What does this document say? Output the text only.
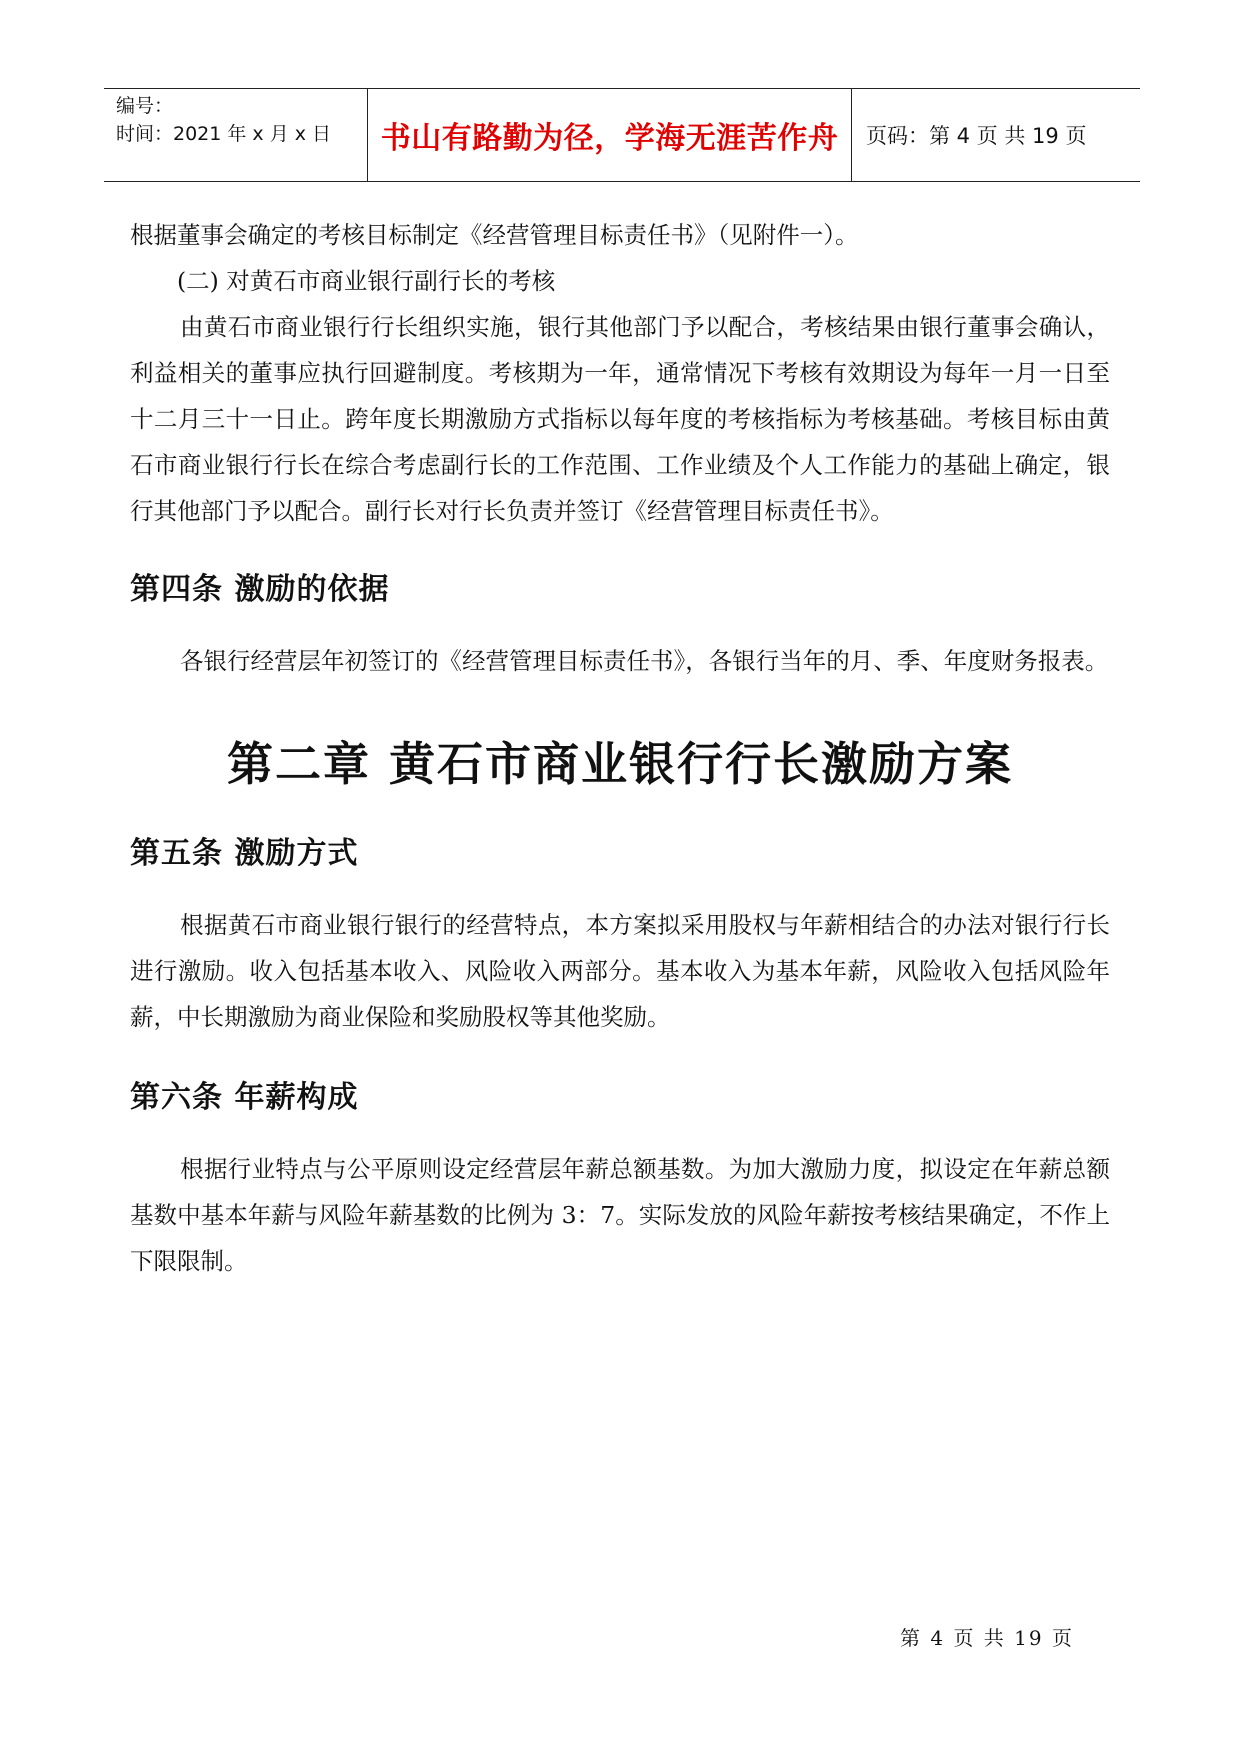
编号：
时间：2021 年 x 月 x 日	书山有路勤为径，学海无涯苦作舟	页码：第 4 页 共 19 页

根据董事会确定的考核目标制定《经营管理目标责任书》（见附件一）。

(二) 对黄石市商业银行副行长的考核

由黄石市商业银行行长组织实施，银行其他部门予以配合，考核结果由银行董事会确认，利益相关的董事应执行回避制度。考核期为一年，通常情况下考核有效期设为每年一月一日至十二月三十一日止。跨年度长期激励方式指标以每年度的考核指标为考核基础。考核目标由黄石市商业银行行长在综合考虑副行长的工作范围、工作业绩及个人工作能力的基础上确定，银行其他部门予以配合。副行长对行长负责并签订《经营管理目标责任书》。

第四条 激励的依据

各银行经营层年初签订的《经营管理目标责任书》，各银行当年的月、季、年度财务报表。

第二章 黄石市商业银行行长激励方案
第五条 激励方式

根据黄石市商业银行银行的经营特点，本方案拟采用股权与年薪相结合的办法对银行行长进行激励。收入包括基本收入、风险收入两部分。基本收入为基本年薪，风险收入包括风险年薪，中长期激励为商业保险和奖励股权等其他奖励。

第六条 年薪构成

根据行业特点与公平原则设定经营层年薪总额基数。为加大激励力度，拟设定在年薪总额基数中基本年薪与风险年薪基数的比例为 3：7。实际发放的风险年薪按考核结果确定，不作上下限限制。

第 4 页 共 19 页
